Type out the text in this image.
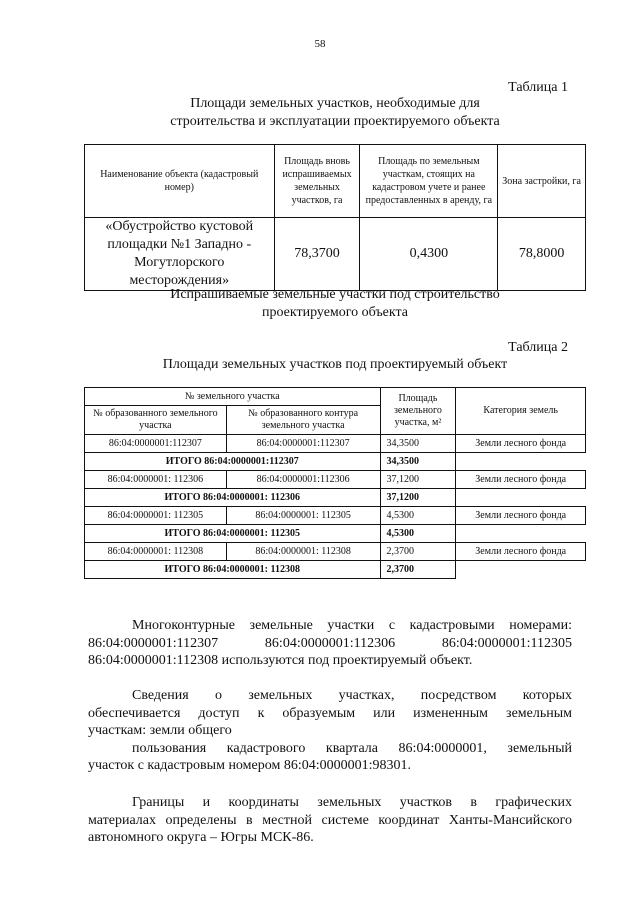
58
Таблица 1
Площади земельных участков, необходимые для
строительства и эксплуатации проектируемого объекта
Наименование объекта (кадастровый номер)	Площадь вновь испрашиваемых земельных участков, га	Площадь по земельным участкам, стоящих на кадастровом учете и ранее предоставленных в аренду, га	Зона застройки, га
«Обустройство кустовой площадки №1 Западно - Могутлорского месторождения»	78,3700	0,4300	78,8000
Испрашиваемые земельные участки под строительство
проектируемого объекта
Таблица 2
Площади земельных участков под проектируемый объект
№ земельного участка		Площадь земельного участка, м²	Категория земель
№ образованного земельного участка	№ образованного контура земельного участка		

86:04:0000001:112307	86:04:0000001:112307	34,3500	Земли лесного фонда
ИТОГО 86:04:0000001:112307		34,3500	
86:04:0000001: 112306	86:04:0000001:112306	37,1200	Земли лесного фонда
ИТОГО 86:04:0000001: 112306		37,1200	
86:04:0000001: 112305	86:04:0000001: 112305	4,5300	Земли лесного фонда
ИТОГО 86:04:0000001: 112305		4,5300	
86:04:0000001: 112308	86:04:0000001: 112308	2,3700	Земли лесного фонда
ИТОГО 86:04:0000001: 112308		2,3700	

Многоконтурные земельные участки с кадастровыми номерами:

86:04:0000001:112307 86:04:0000001:112306 86:04:0000001:112305

86:04:0000001:112308 используются под проектируемый объект.

Сведения о земельных участках, посредством которых

обеспечивается доступ к образуемым или измененным земельным

участкам: земли общего

пользования кадастрового квартала 86:04:0000001, земельный

участок с кадастровым номером 86:04:0000001:98301.

Границы и координаты земельных участков в графических

материалах определены в местной системе координат Ханты-Мансийского

автономного округа – Югры МСК-86.
